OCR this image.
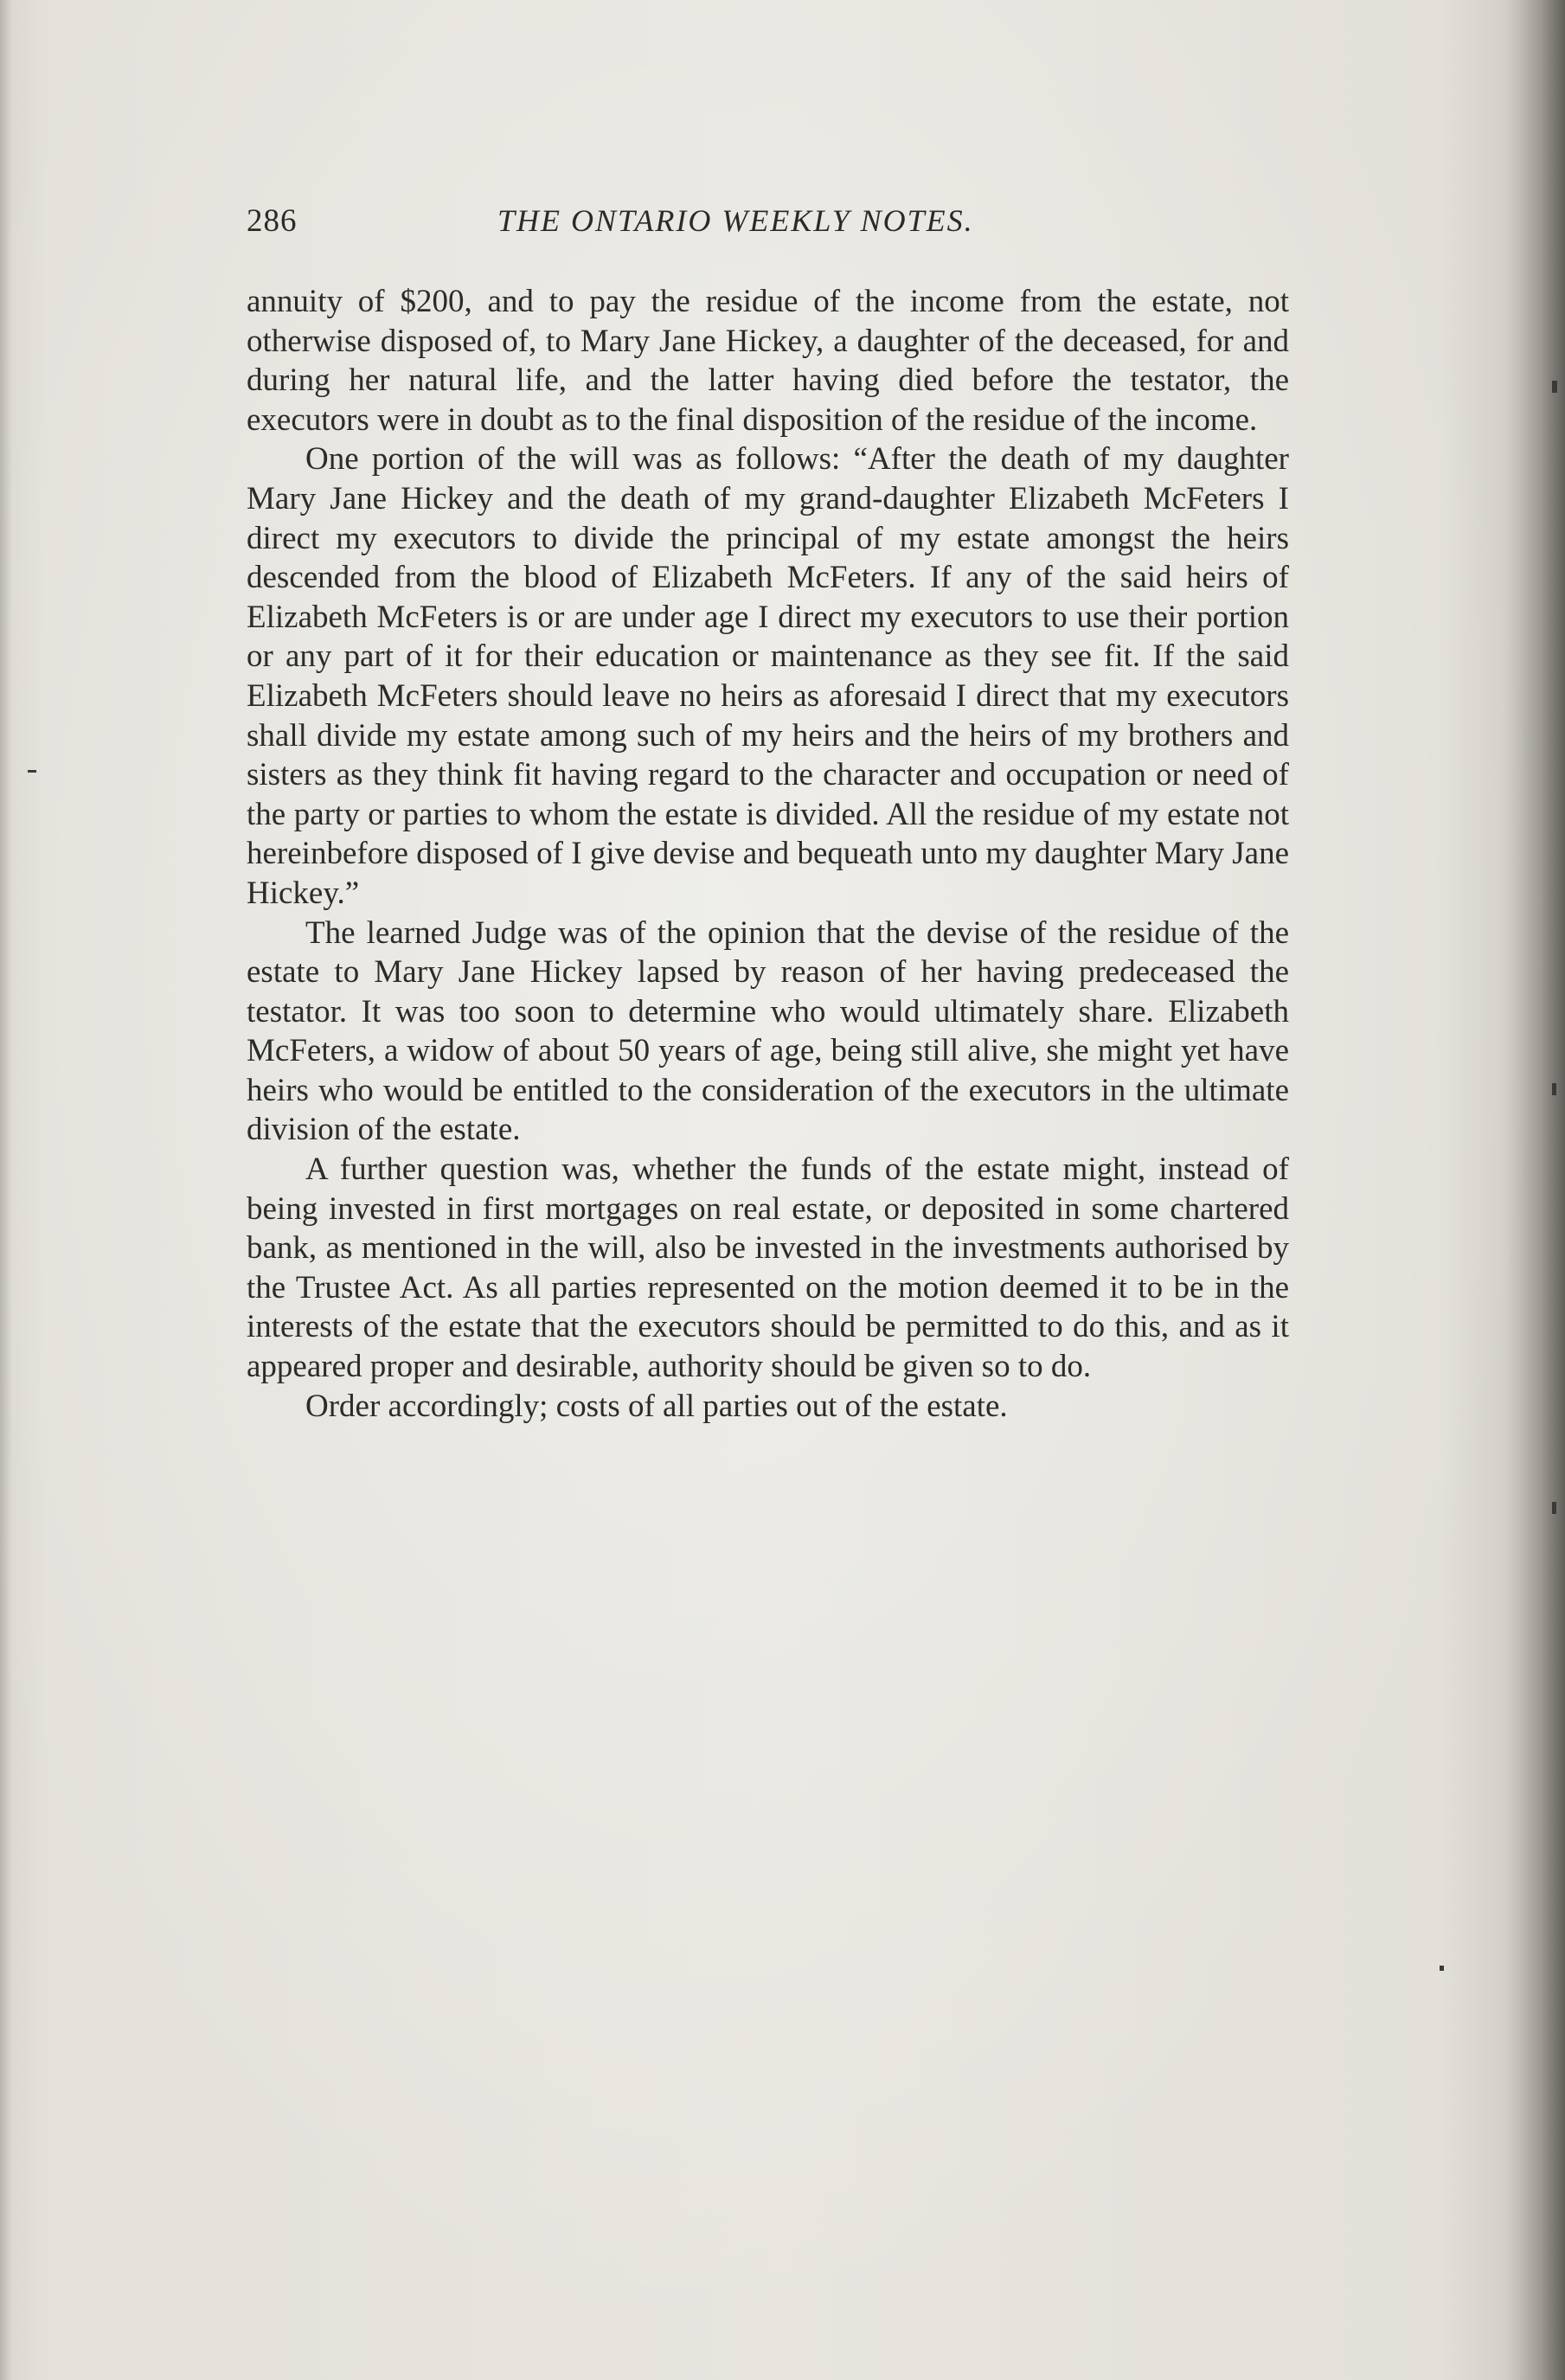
286	THE ONTARIO WEEKLY NOTES.

annuity of $200, and to pay the residue of the income from the estate, not otherwise disposed of, to Mary Jane Hickey, a daughter of the deceased, for and during her natural life, and the latter having died before the testator, the executors were in doubt as to the final disposition of the residue of the income.

One portion of the will was as follows: “After the death of my daughter Mary Jane Hickey and the death of my grand-daughter Elizabeth McFeters I direct my executors to divide the principal of my estate amongst the heirs descended from the blood of Elizabeth McFeters. If any of the said heirs of Elizabeth McFeters is or are under age I direct my executors to use their portion or any part of it for their education or maintenance as they see fit. If the said Elizabeth McFeters should leave no heirs as aforesaid I direct that my executors shall divide my estate among such of my heirs and the heirs of my brothers and sisters as they think fit having regard to the character and occupation or need of the party or parties to whom the estate is divided. All the residue of my estate not hereinbefore disposed of I give devise and bequeath unto my daughter Mary Jane Hickey.”

The learned Judge was of the opinion that the devise of the residue of the estate to Mary Jane Hickey lapsed by reason of her having predeceased the testator. It was too soon to determine who would ultimately share. Elizabeth McFeters, a widow of about 50 years of age, being still alive, she might yet have heirs who would be entitled to the consideration of the executors in the ultimate division of the estate.

A further question was, whether the funds of the estate might, instead of being invested in first mortgages on real estate, or deposited in some chartered bank, as mentioned in the will, also be invested in the investments authorised by the Trustee Act. As all parties represented on the motion deemed it to be in the interests of the estate that the executors should be permitted to do this, and as it appeared proper and desirable, authority should be given so to do.

Order accordingly; costs of all parties out of the estate.
